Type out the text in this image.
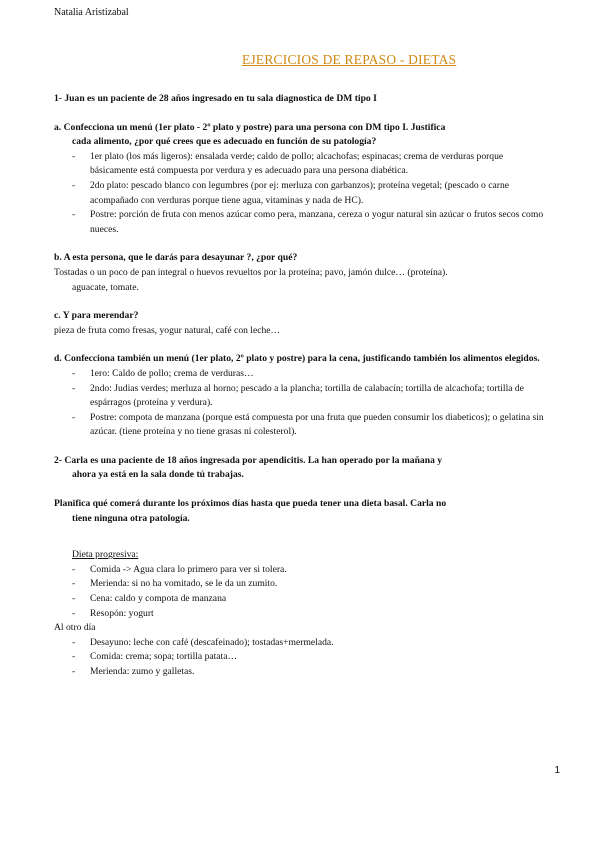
Natalia Aristizabal
EJERCICIOS DE REPASO - DIETAS

1- Juan es un paciente de 28 años ingresado en tu sala diagnostica de DM tipo I

a. Confecciona un menú (1er plato - 2º plato y postre) para una persona con DM tipo I. Justifica

cada alimento, ¿por qué crees que es adecuado en función de su patología?

- 1er plato (los más ligeros): ensalada verde; caldo de pollo; alcachofas; espinacas; crema de verduras porque básicamente está compuesta por verdura y es adecuado para una persona diabética.
- 2do plato: pescado blanco con legumbres (por ej: merluza con garbanzos); proteína vegetal; (pescado o carne acompañado con verduras porque tiene agua, vitaminas y nada de HC).
- Postre: porción de fruta con menos azúcar como pera, manzana, cereza o yogur natural sin azúcar o frutos secos como nueces.

b. A esta persona, que le darás para desayunar ?, ¿por qué?

Tostadas o un poco de pan integral o huevos revueltos por la proteína; pavo, jamón dulce… (proteína).

aguacate, tomate.

c. Y para merendar?

pieza de fruta como fresas, yogur natural, café con leche…

d. Confecciona también un menú (1er plato, 2º plato y postre) para la cena, justificando también los alimentos elegidos.

- 1ero: Caldo de pollo; crema de verduras…
- 2ndo: Judias verdes; merluza al horno; pescado a la plancha; tortilla de calabacín; tortilla de alcachofa; tortilla de espárragos (proteína y verdura).
- Postre: compota de manzana (porque está compuesta por una fruta que pueden consumir los diabeticos); o gelatina sin azúcar. (tiene proteína y no tiene grasas ni colesterol).

2- Carla es una paciente de 18 años ingresada por apendicitis. La han operado por la mañana y

ahora ya está en la sala donde tú trabajas.

Planifica qué comerá durante los próximos días hasta que pueda tener una dieta basal. Carla no

tiene ninguna otra patología.

Dieta progresiva:

- Comida -> Agua clara lo primero para ver si tolera.
- Merienda: si no ha vomitado, se le da un zumito.
- Cena: caldo y compota de manzana
- Resopón: yogurt

Al otro día

- Desayuno: leche con café (descafeinado); tostadas+mermelada.
- Comida: crema; sopa; tortilla patata…
- Merienda: zumo y galletas.
1
